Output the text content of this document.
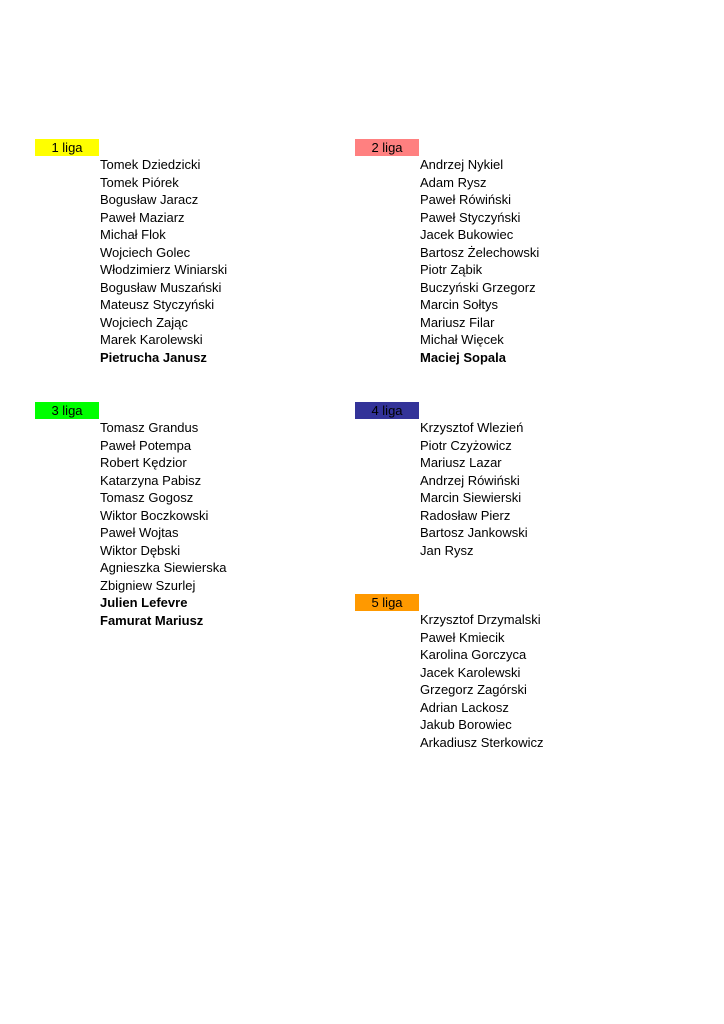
1 liga
Tomek Dziedzicki
Tomek Piórek
Bogusław Jaracz
Paweł Maziarz
Michał Flok
Wojciech Golec
Włodzimierz Winiarski
Bogusław Muszański
Mateusz Styczyński
Wojciech Zając
Marek Karolewski
Pietrucha Janusz
2 liga
Andrzej Nykiel
Adam Rysz
Paweł Rówiński
Paweł Styczyński
Jacek Bukowiec
Bartosz Żelechowski
Piotr Ząbik
Buczyński Grzegorz
Marcin Sołtys
Mariusz Filar
Michał Więcek
Maciej Sopala
3 liga
Tomasz Grandus
Paweł Potempa
Robert Kędzior
Katarzyna Pabisz
Tomasz Gogosz
Wiktor Boczkowski
Paweł Wojtas
Wiktor Dębski
Agnieszka Siewierska
Zbigniew Szurlej
Julien Lefevre
Famurat Mariusz
4 liga
Krzysztof Wlezień
Piotr Czyżowicz
Mariusz Lazar
Andrzej Rówiński
Marcin Siewierski
Radosław Pierz
Bartosz Jankowski
Jan Rysz
5 liga
Krzysztof Drzymalski
Paweł Kmiecik
Karolina Gorczyca
Jacek Karolewski
Grzegorz Zagórski
Adrian Lackosz
Jakub Borowiec
Arkadiusz Sterkowicz
